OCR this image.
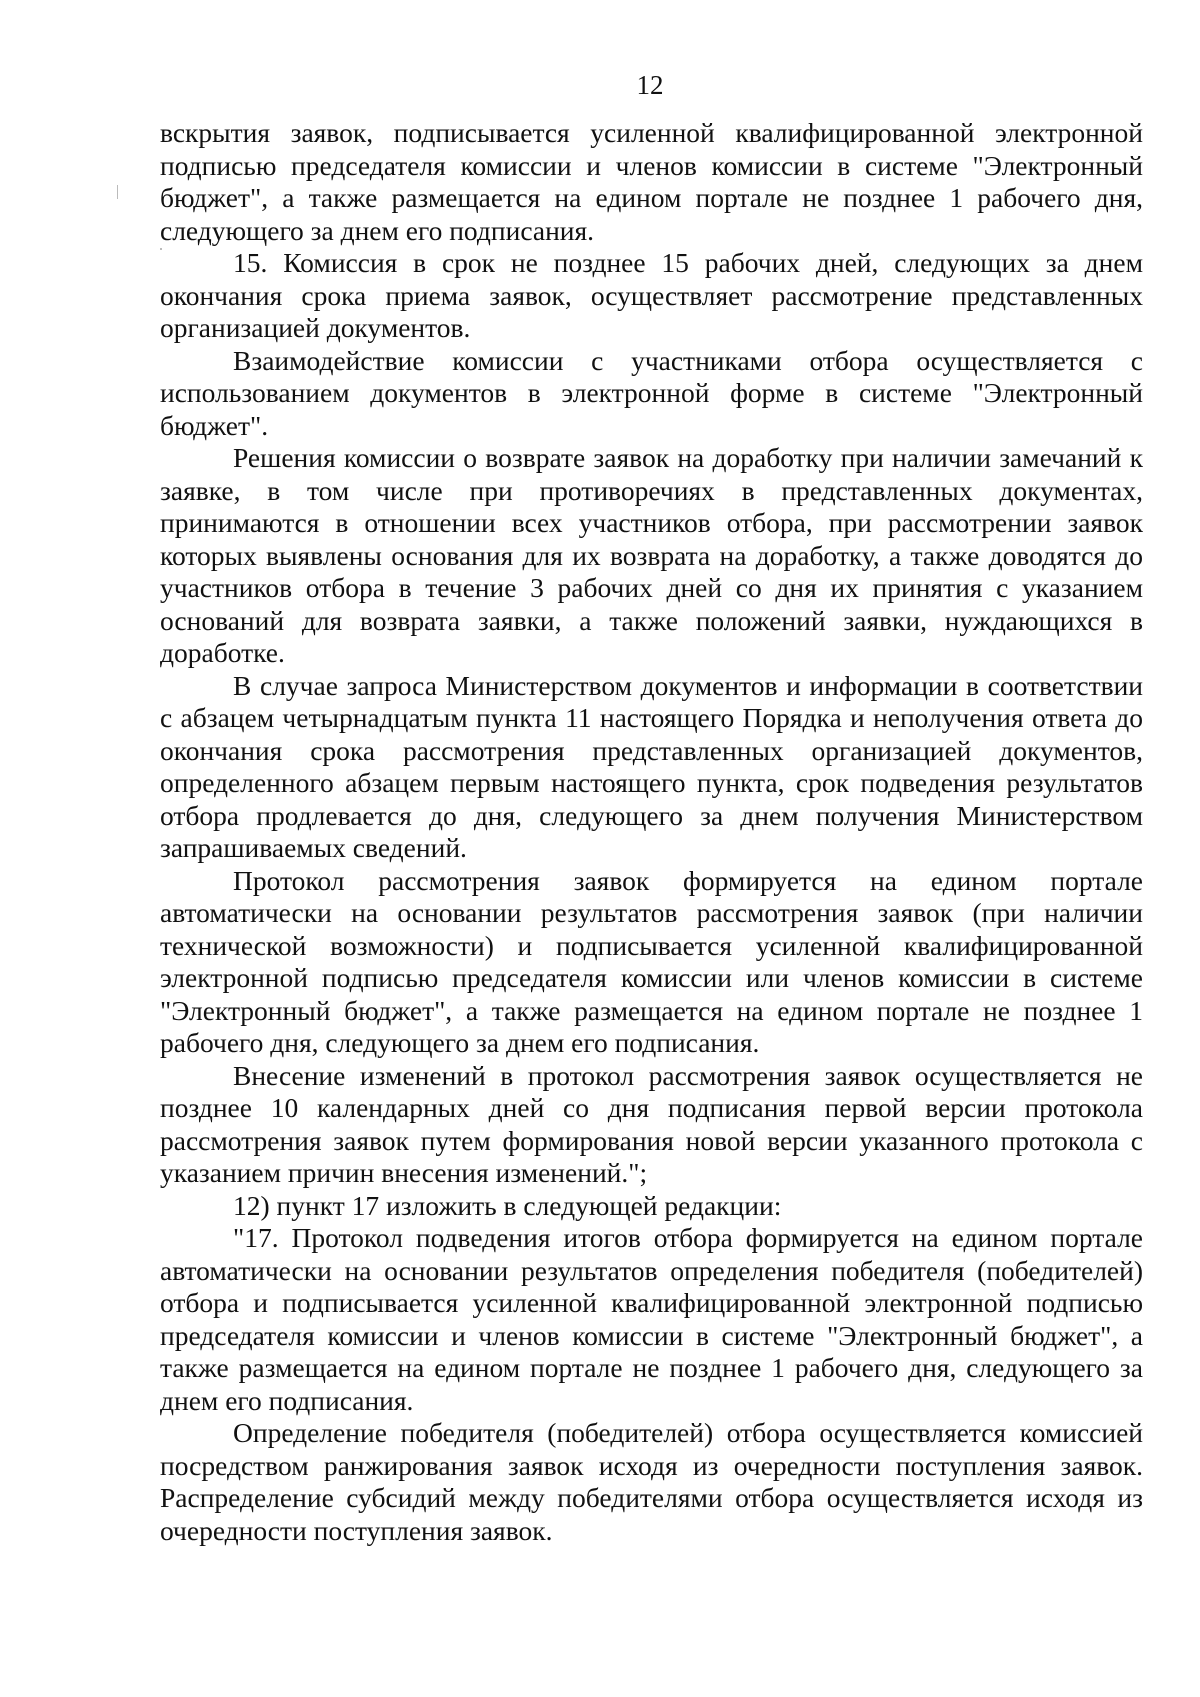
12

вскрытия заявок, подписывается усиленной квалифицированной электронной подписью председателя комиссии и членов комиссии в системе "Электронный бюджет", а также размещается на едином портале не позднее 1 рабочего дня, следующего за днем его подписания.

15. Комиссия в срок не позднее 15 рабочих дней, следующих за днем окончания срока приема заявок, осуществляет рассмотрение представленных организацией документов.

Взаимодействие комиссии с участниками отбора осуществляется с использованием документов в электронной форме в системе "Электронный бюджет".

Решения комиссии о возврате заявок на доработку при наличии замечаний к заявке, в том числе при противоречиях в представленных документах, принимаются в отношении всех участников отбора, при рассмотрении заявок которых выявлены основания для их возврата на доработку, а также доводятся до участников отбора в течение 3 рабочих дней со дня их принятия с указанием оснований для возврата заявки, а также положений заявки, нуждающихся в доработке.

В случае запроса Министерством документов и информации в соответствии с абзацем четырнадцатым пункта 11 настоящего Порядка и неполучения ответа до окончания срока рассмотрения представленных организацией документов, определенного абзацем первым настоящего пункта, срок подведения результатов отбора продлевается до дня, следующего за днем получения Министерством запрашиваемых сведений.

Протокол рассмотрения заявок формируется на едином портале автоматически на основании результатов рассмотрения заявок (при наличии технической возможности) и подписывается усиленной квалифицированной электронной подписью председателя комиссии или членов комиссии в системе "Электронный бюджет", а также размещается на едином портале не позднее 1 рабочего дня, следующего за днем его подписания.

Внесение изменений в протокол рассмотрения заявок осуществляется не позднее 10 календарных дней со дня подписания первой версии протокола рассмотрения заявок путем формирования новой версии указанного протокола с указанием причин внесения изменений.";

12) пункт 17 изложить в следующей редакции:

"17. Протокол подведения итогов отбора формируется на едином портале автоматически на основании результатов определения победителя (победителей) отбора и подписывается усиленной квалифицированной электронной подписью председателя комиссии и членов комиссии в системе "Электронный бюджет", а также размещается на едином портале не позднее 1 рабочего дня, следующего за днем его подписания.

Определение победителя (победителей) отбора осуществляется комиссией посредством ранжирования заявок исходя из очередности поступления заявок. Распределение субсидий между победителями отбора осуществляется исходя из очередности поступления заявок.
